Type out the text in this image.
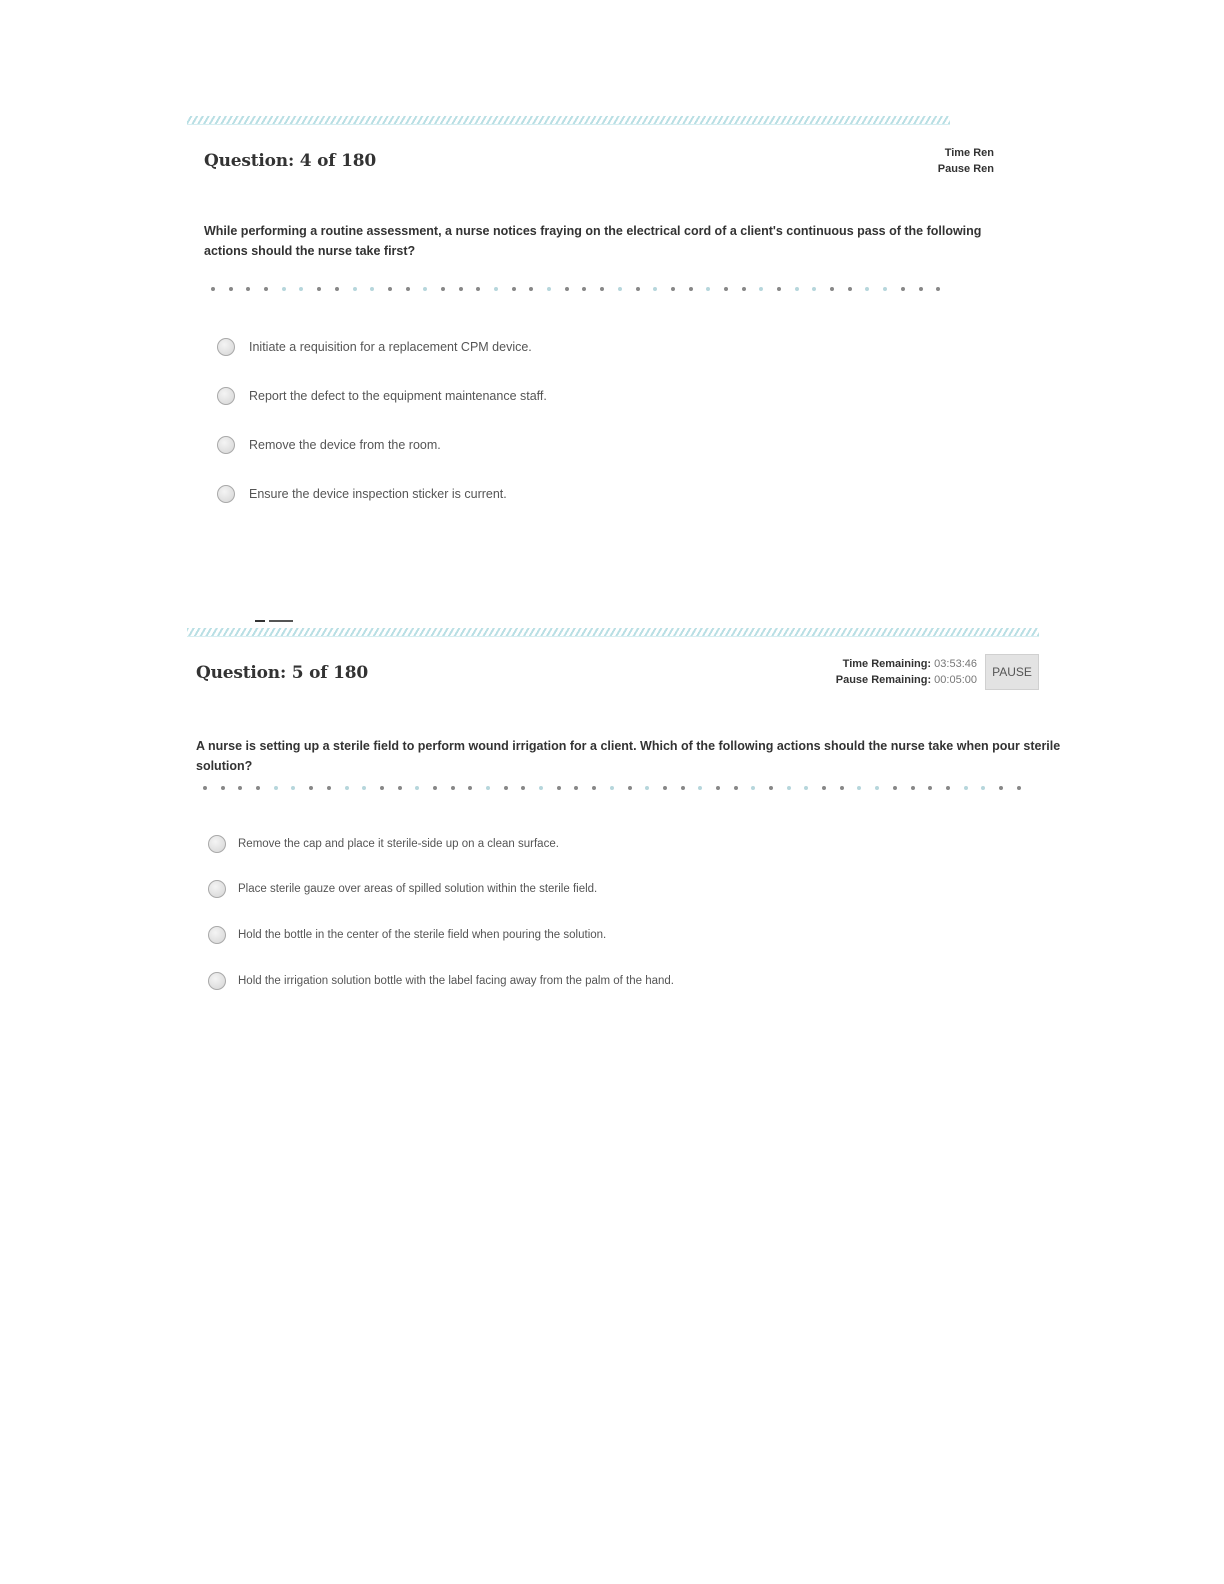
Question: 4 of 180	Time Ren
Pause Ren
While performing a routine assessment, a nurse notices fraying on the electrical cord of a client's continuous pass of the following actions should the nurse take first?
Initiate a requisition for a replacement CPM device.
Report the defect to the equipment maintenance staff.
Remove the device from the room.
Ensure the device inspection sticker is current.
Question: 5 of 180	Time Remaining: 03:53:46
Pause Remaining: 00:05:00
PAUSE
A nurse is setting up a sterile field to perform wound irrigation for a client. Which of the following actions should the nurse take when pour sterile solution?
Remove the cap and place it sterile-side up on a clean surface.
Place sterile gauze over areas of spilled solution within the sterile field.
Hold the bottle in the center of the sterile field when pouring the solution.
Hold the irrigation solution bottle with the label facing away from the palm of the hand.
